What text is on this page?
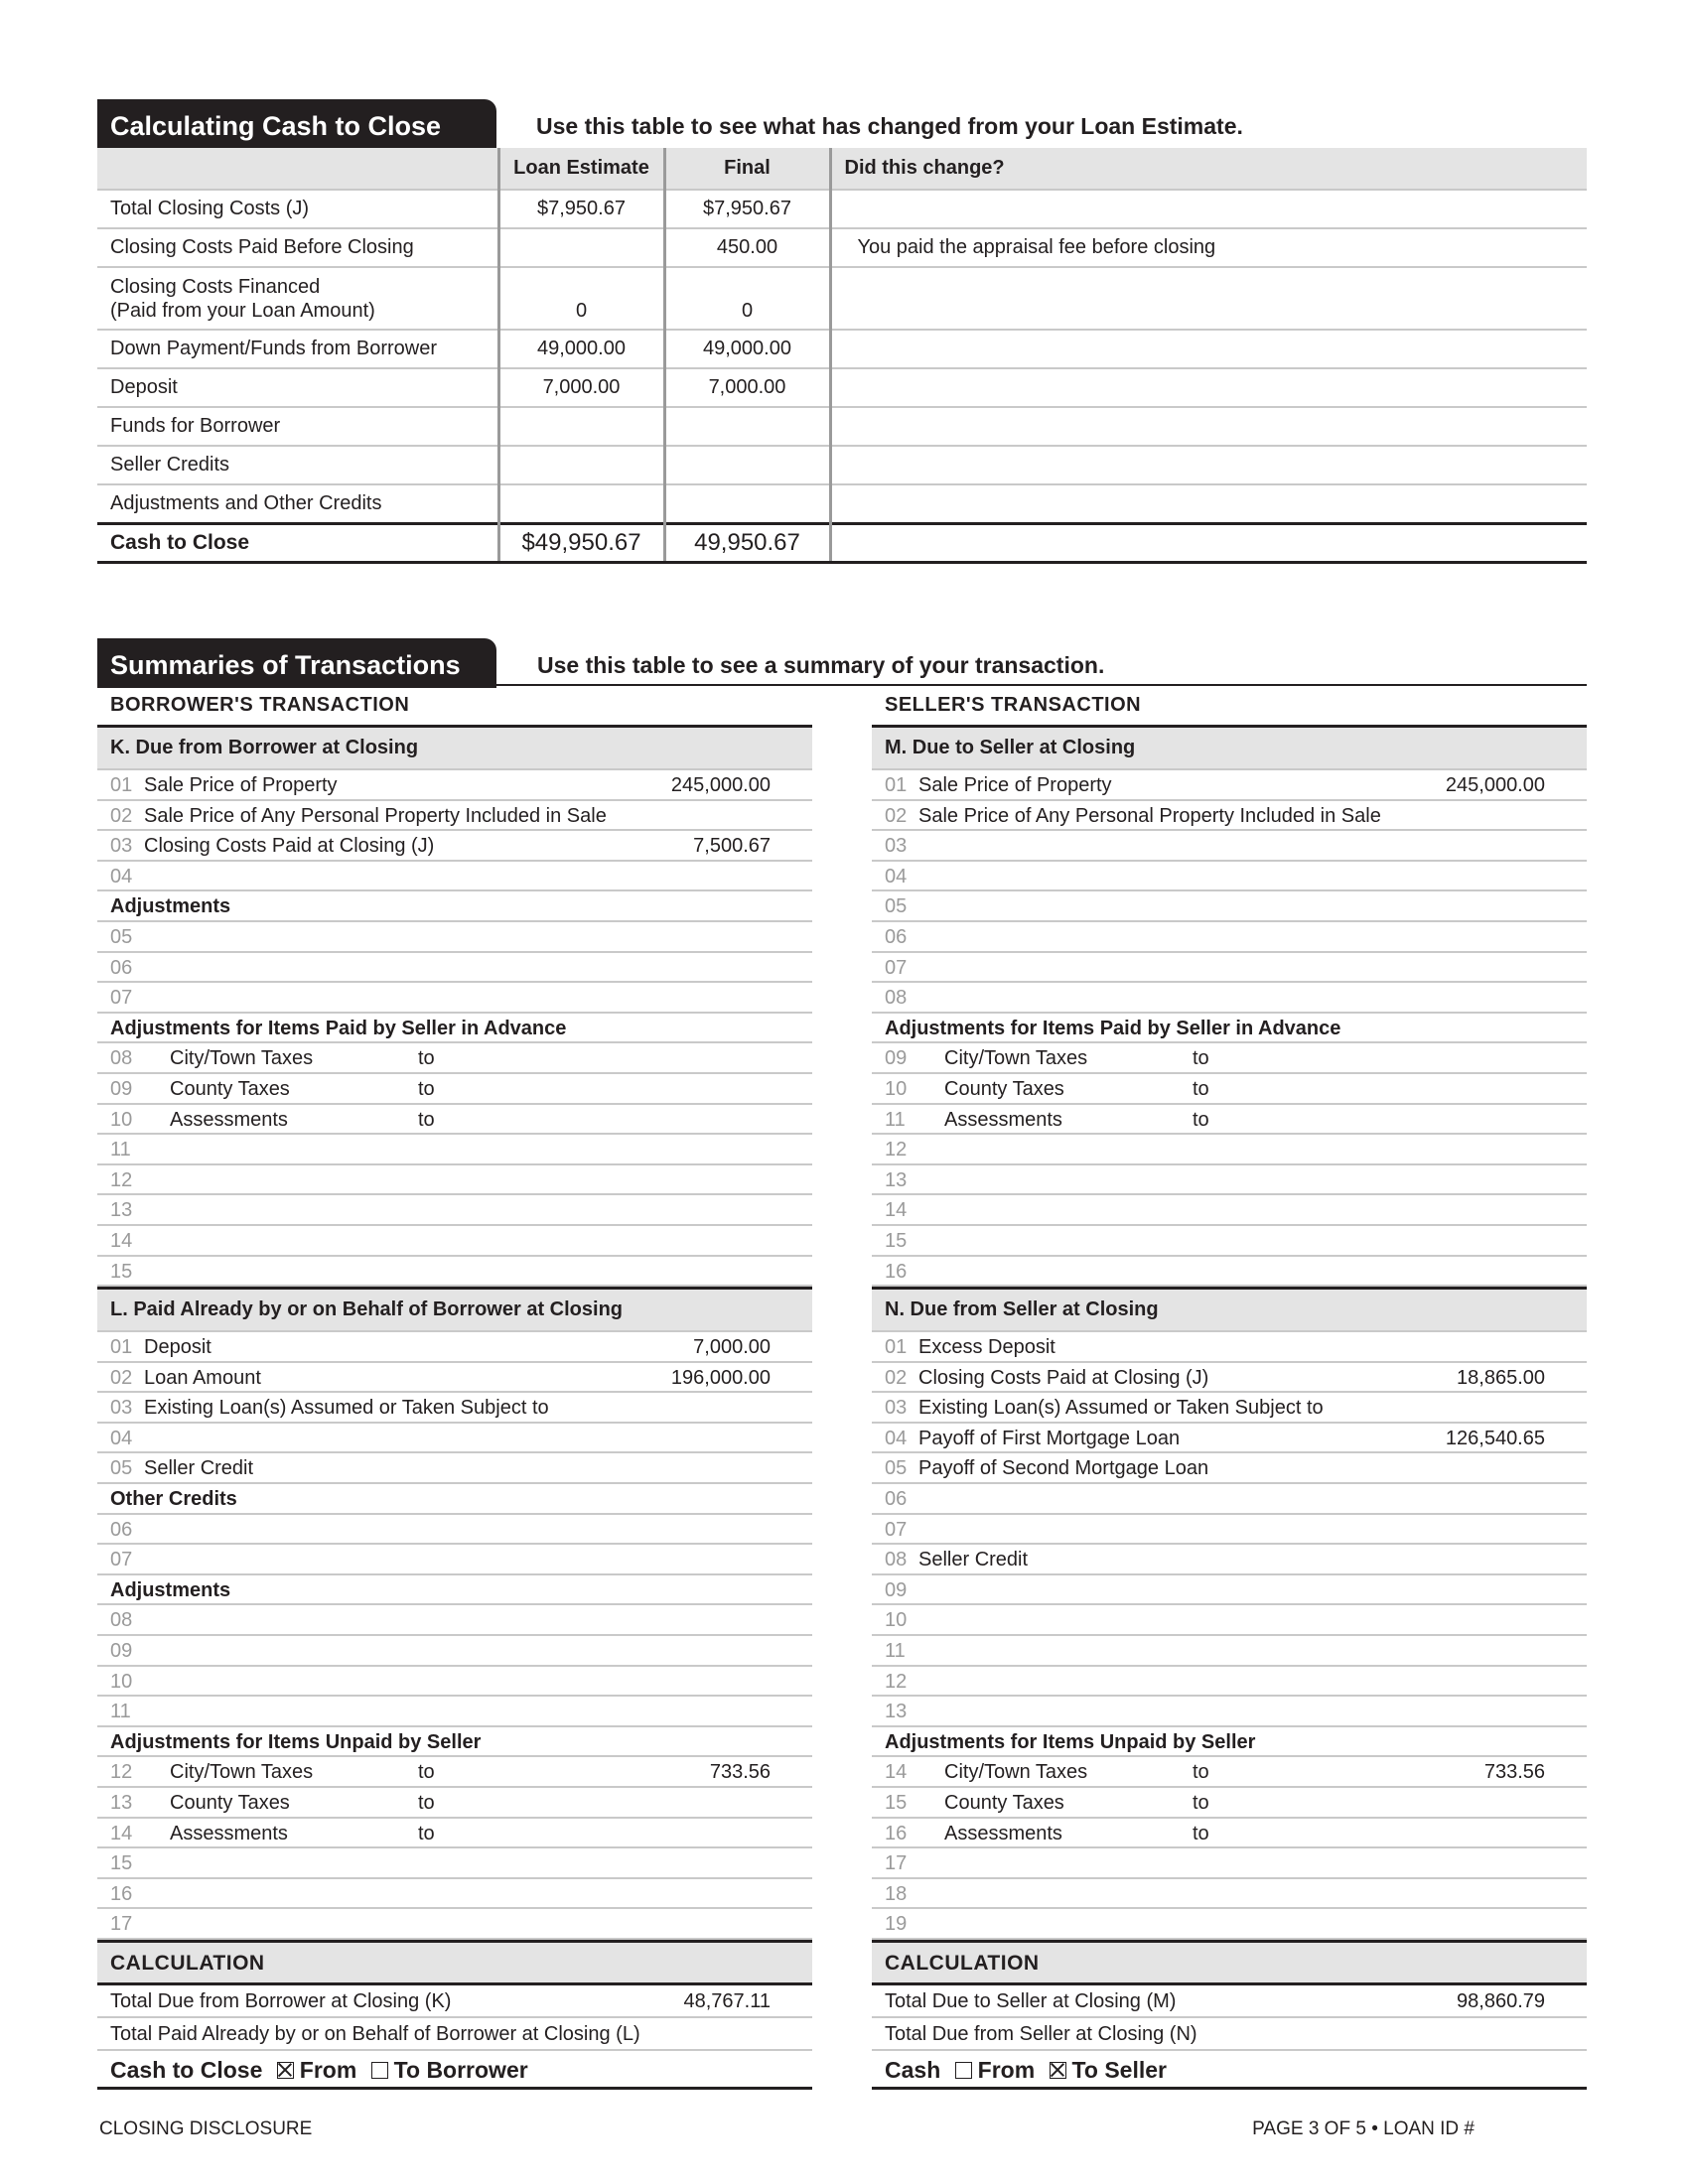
Calculating Cash to Close	Use this table to see what has changed from your Loan Estimate.
	Loan Estimate	Final	Did this change?
Total Closing Costs (J)	$7,950.67	$7,950.67	
Closing Costs Paid Before Closing		450.00	You paid the appraisal fee before closing

Closing Costs Financed
(Paid from your Loan Amount)	0	0	
Down Payment/Funds from Borrower	49,000.00	49,000.00	
Deposit	7,000.00	7,000.00	
Funds for Borrower			
Seller Credits			
Adjustments and Other Credits			
Cash to Close	$49,950.67	49,950.67	
Summaries of Transactions	Use this table to see a summary of your transaction.
BORROWER'S TRANSACTION
K. Due from Borrower at Closing
01 Sale Price of Property	245,000.00
02 Sale Price of Any Personal Property Included in Sale
03 Closing Costs Paid at Closing (J)	7,500.67
04
Adjustments
05
06
07
Adjustments for Items Paid by Seller in Advance
08 City/Town Taxes	to
09 County Taxes	to
10 Assessments	to
11
12
13
14
15
L. Paid Already by or on Behalf of Borrower at Closing
01 Deposit	7,000.00
02 Loan Amount	196,000.00
03 Existing Loan(s) Assumed or Taken Subject to
04
05 Seller Credit
Other Credits
06
07
Adjustments
08
09
10
11
Adjustments for Items Unpaid by Seller
12 City/Town Taxes	to	733.56
13 County Taxes	to
14 Assessments	to
15
16
17
CALCULATION
Total Due from Borrower at Closing (K)	48,767.11
Total Paid Already by or on Behalf of Borrower at Closing (L)
Cash to Close From To Borrower
SELLER'S TRANSACTION
M. Due to Seller at Closing
01 Sale Price of Property	245,000.00
02 Sale Price of Any Personal Property Included in Sale
03
04
05
06
07
08
Adjustments for Items Paid by Seller in Advance
09 City/Town Taxes	to
10 County Taxes	to
11 Assessments	to
12
13
14
15
16
N. Due from Seller at Closing
01 Excess Deposit
02 Closing Costs Paid at Closing (J)	18,865.00
03 Existing Loan(s) Assumed or Taken Subject to
04 Payoff of First Mortgage Loan	126,540.65
05 Payoff of Second Mortgage Loan
06
07
08 Seller Credit
09
10
11
12
13
Adjustments for Items Unpaid by Seller
14 City/Town Taxes	to	733.56
15 County Taxes	to
16 Assessments	to
17
18
19
CALCULATION
Total Due to Seller at Closing (M)	98,860.79
Total Due from Seller at Closing (N)
Cash From To Seller
CLOSING DISCLOSURE	PAGE 3 OF 5 • LOAN ID #
